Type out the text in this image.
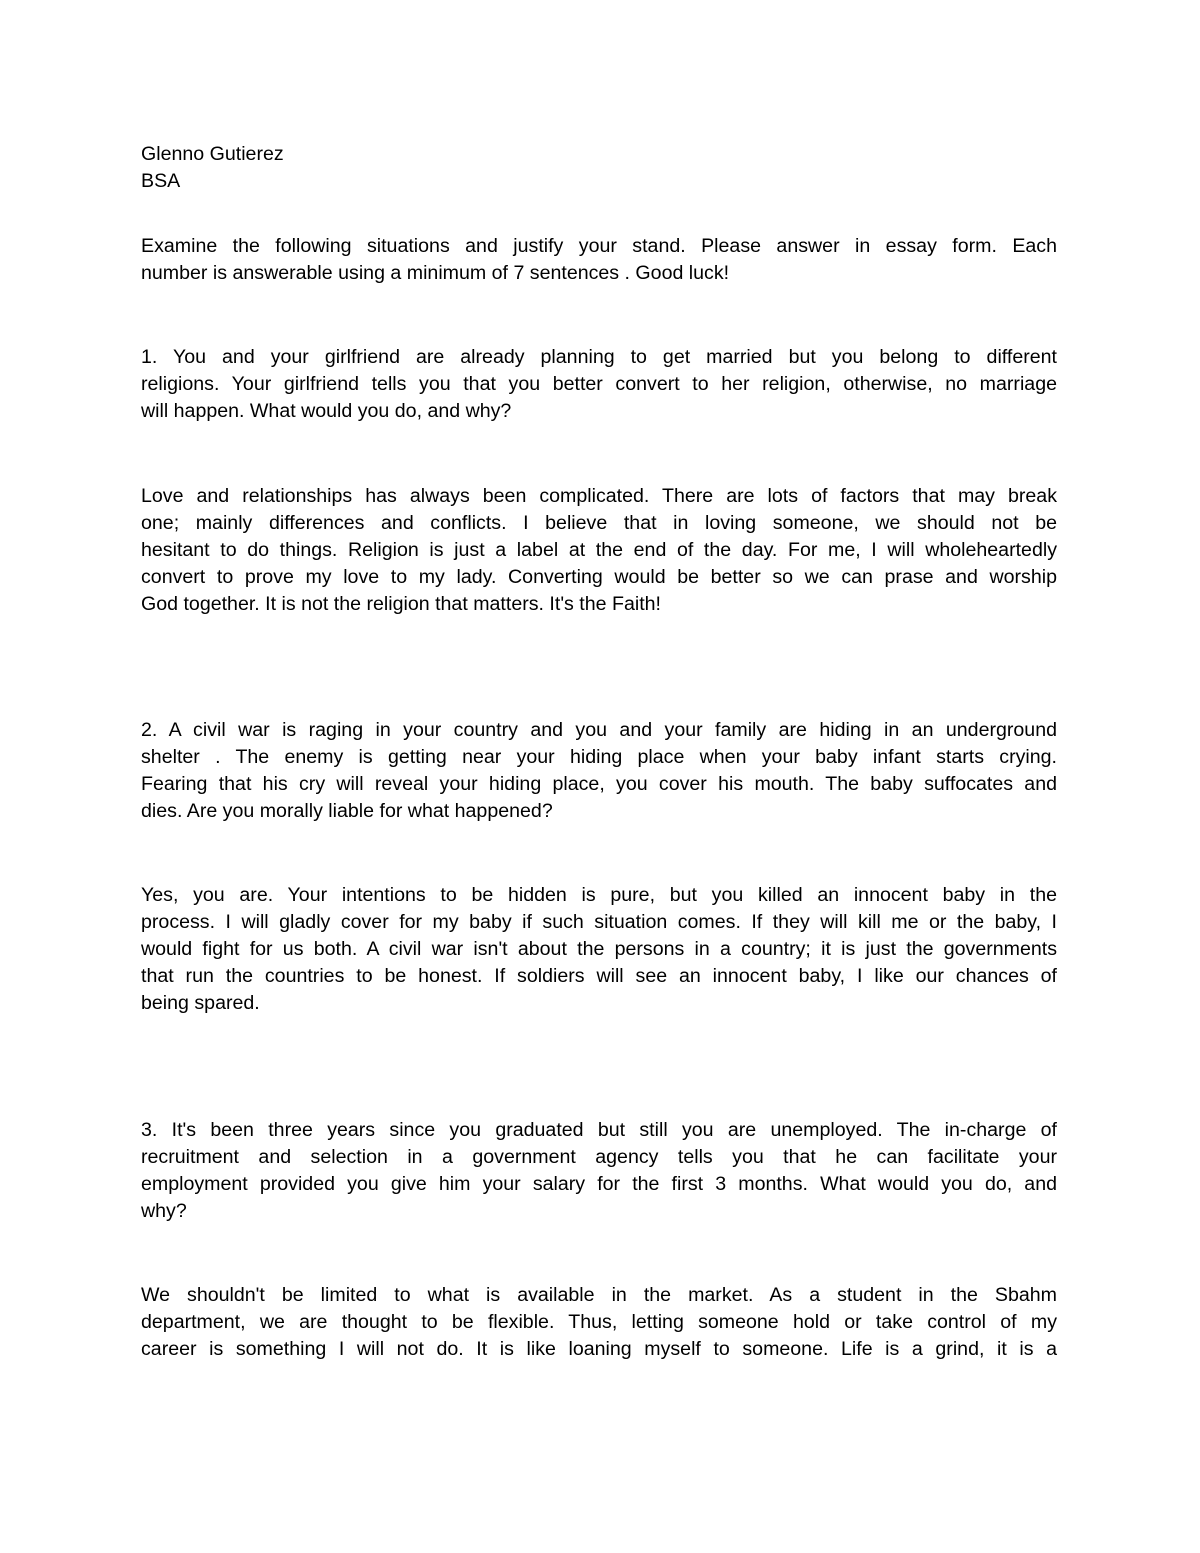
Glenno Gutierez
BSA
Examine the following situations and justify your stand. Please answer in essay form. Each
number is answerable using a minimum of 7 sentences . Good luck!
1. You and your girlfriend are already planning to get married but you belong to different
religions. Your girlfriend tells you that you better convert to her religion, otherwise, no marriage
will happen. What would you do, and why?
Love and relationships has always been complicated. There are lots of factors that may break
one; mainly differences and conflicts. I believe that in loving someone, we should not be
hesitant to do things. Religion is just a label at the end of the day. For me, I will wholeheartedly
convert to prove my love to my lady. Converting would be better so we can prase and worship
God together. It is not the religion that matters. It's the Faith!
2. A civil war is raging in your country and you and your family are hiding in an underground
shelter . The enemy is getting near your hiding place when your baby infant starts crying.
Fearing that his cry will reveal your hiding place, you cover his mouth. The baby suffocates and
dies. Are you morally liable for what happened?
Yes, you are. Your intentions to be hidden is pure, but you killed an innocent baby in the
process. I will gladly cover for my baby if such situation comes. If they will kill me or the baby, I
would fight for us both. A civil war isn't about the persons in a country; it is just the governments
that run the countries to be honest. If soldiers will see an innocent baby, I like our chances of
being spared.
3. It's been three years since you graduated but still you are unemployed. The in-charge of
recruitment and selection in a government agency tells you that he can facilitate your
employment provided you give him your salary for the first 3 months. What would you do, and
why?
We shouldn't be limited to what is available in the market. As a student in the Sbahm
department, we are thought to be flexible. Thus, letting someone hold or take control of my
career is something I will not do. It is like loaning myself to someone. Life is a grind, it is a
